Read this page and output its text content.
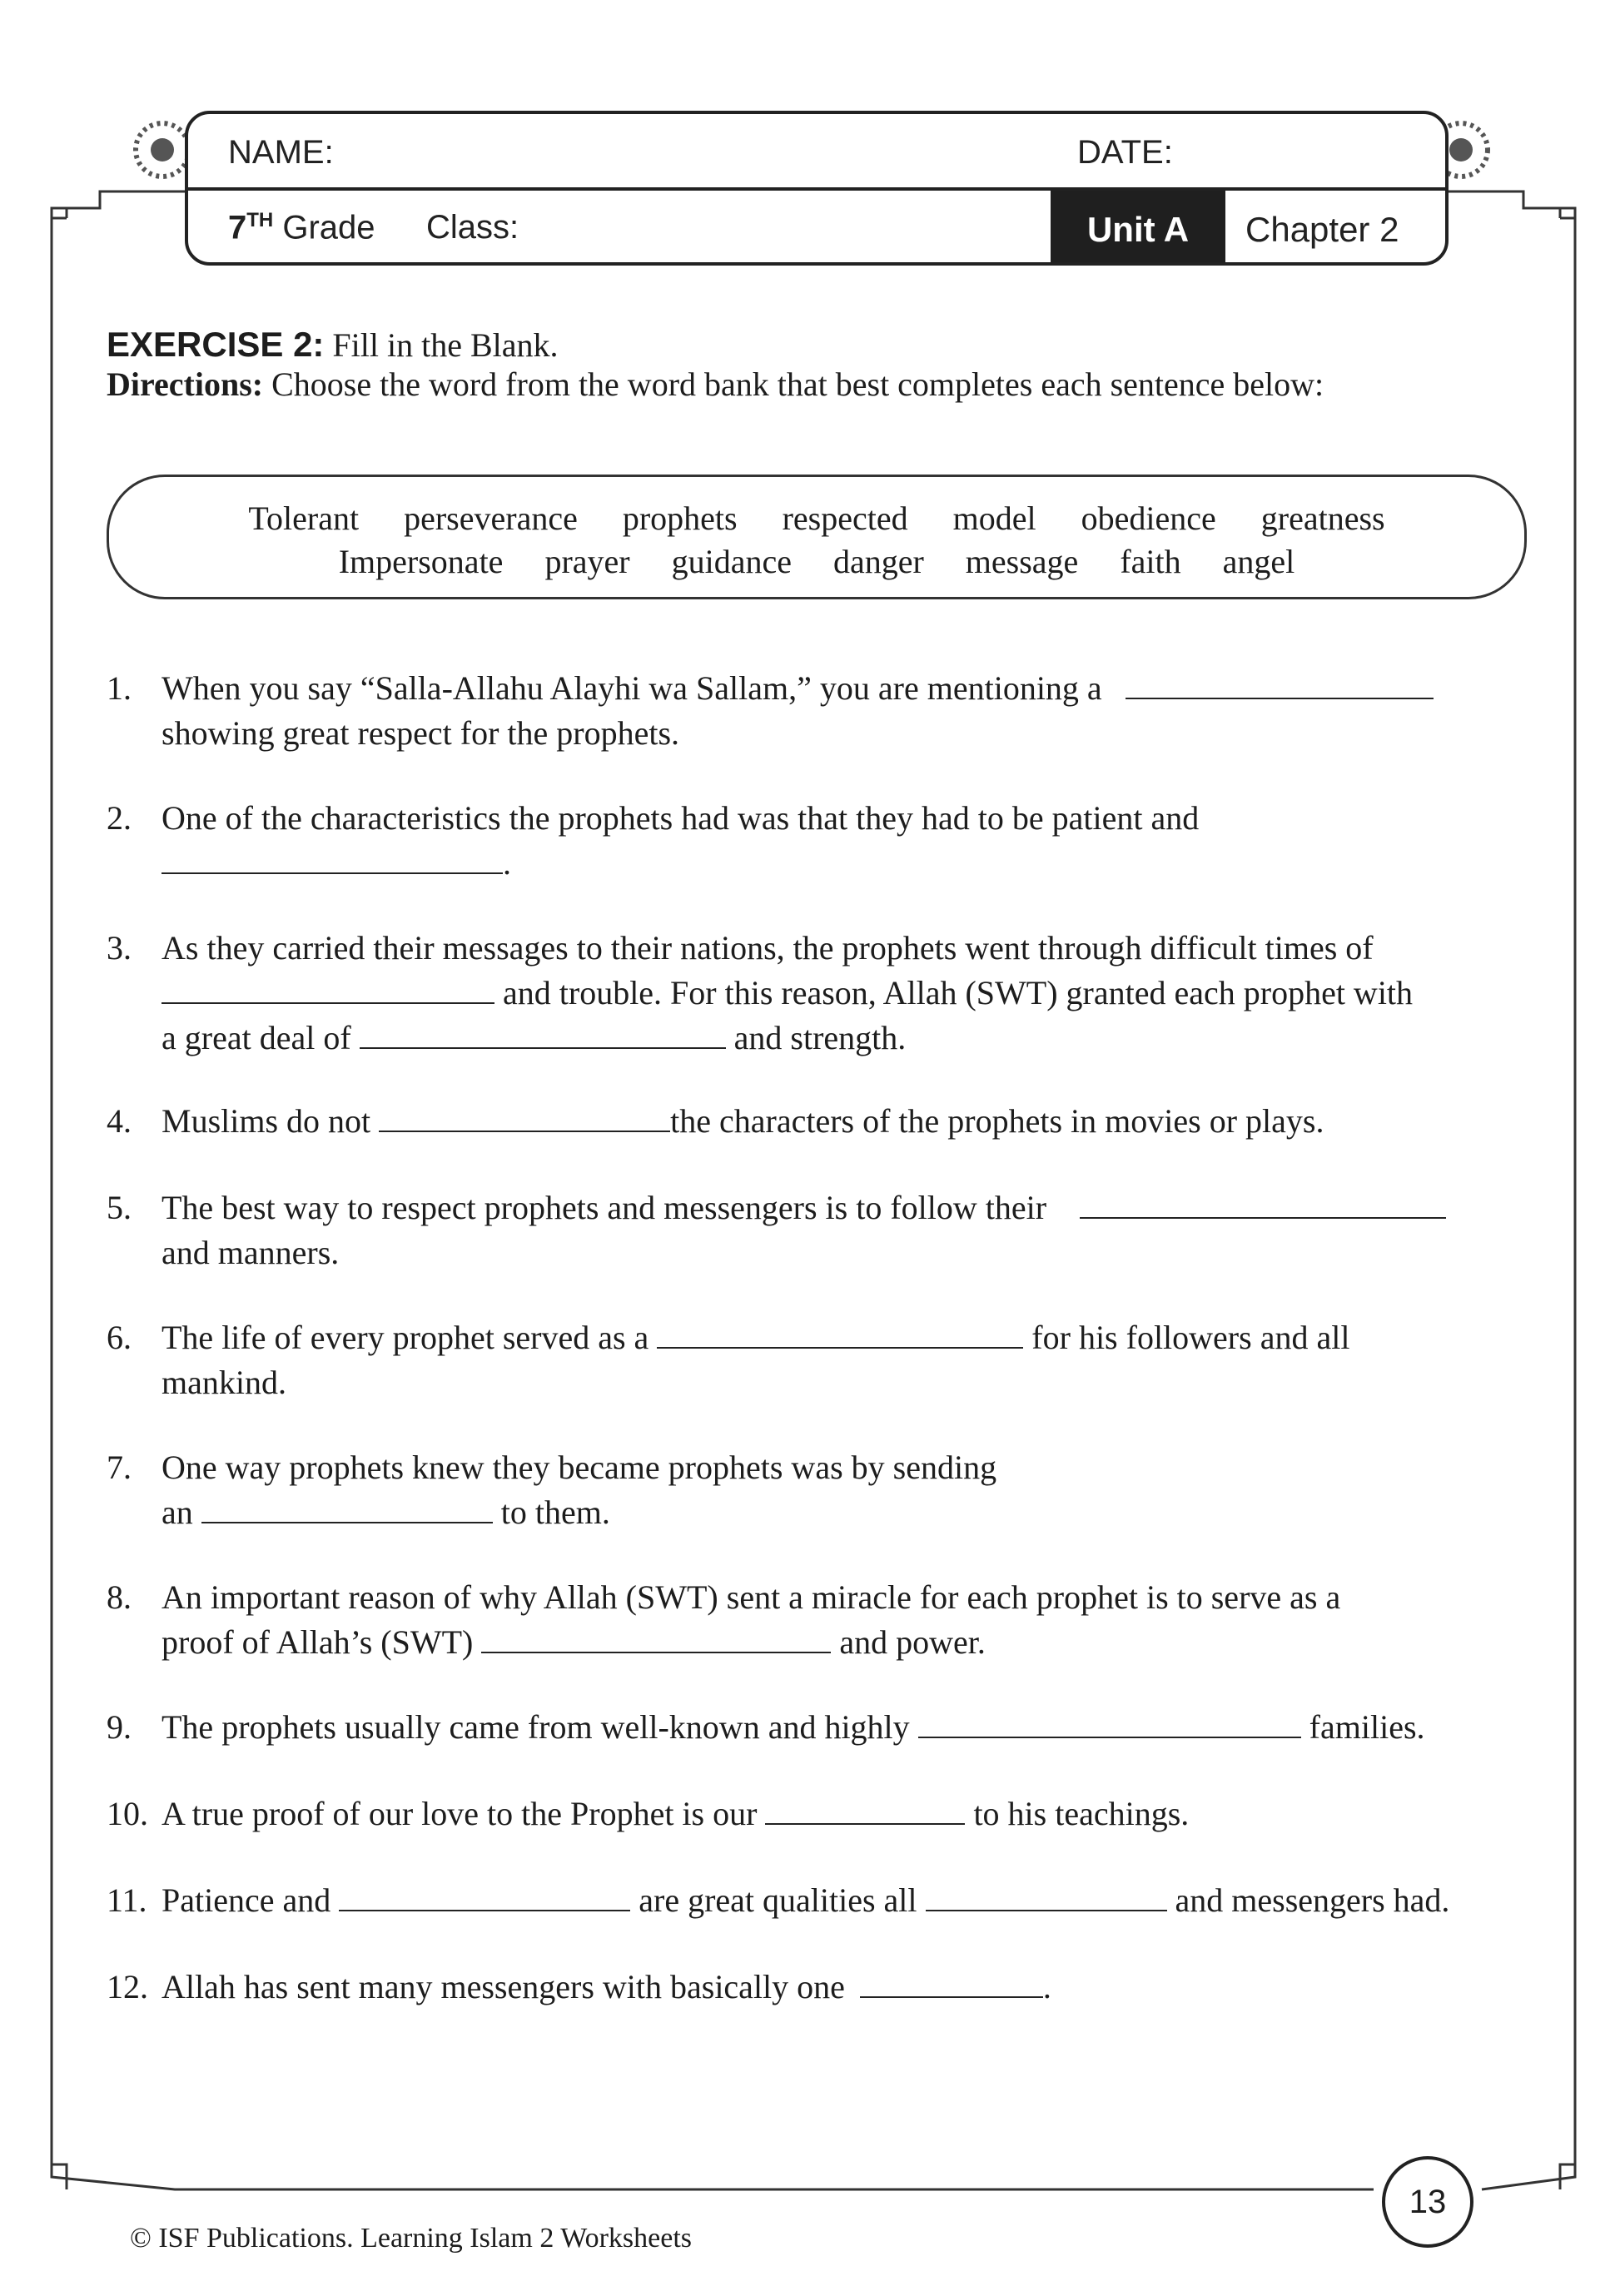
NAME:	DATE:
7TH Grade Class:	Unit A	Chapter 2
EXERCISE 2: Fill in the Blank.
Directions: Choose the word from the word bank that best completes each sentence below:
Tolerant perseverance prophets respected model obedience greatness
Impersonate prayer guidance danger message faith angel
1. When you say “Salla-Allahu Alayhi wa Sallam,” you are mentioning a
showing great respect for the prophets.
2. One of the characteristics the prophets had was that they had to be patient and
.
3. As they carried their messages to their nations, the prophets went through difficult times of
and trouble. For this reason, Allah (SWT) granted each prophet with
a great deal of	and strength.
4. Muslims do not	the characters of the prophets in movies or plays.
5. The best way to respect prophets and messengers is to follow their
and manners.
6. The life of every prophet served as a	for his followers and all
mankind.
7. One way prophets knew they became prophets was by sending
an	to them.
8. An important reason of why Allah (SWT) sent a miracle for each prophet is to serve as a
proof of Allah’s (SWT)	and power.
9. The prophets usually came from well-known and highly	families.
10. A true proof of our love to the Prophet is our	to his teachings.
11. Patience and	are great qualities all	and messengers had.
12. Allah has sent many messengers with basically one	.
© ISF Publications. Learning Islam 2 Worksheets
13
